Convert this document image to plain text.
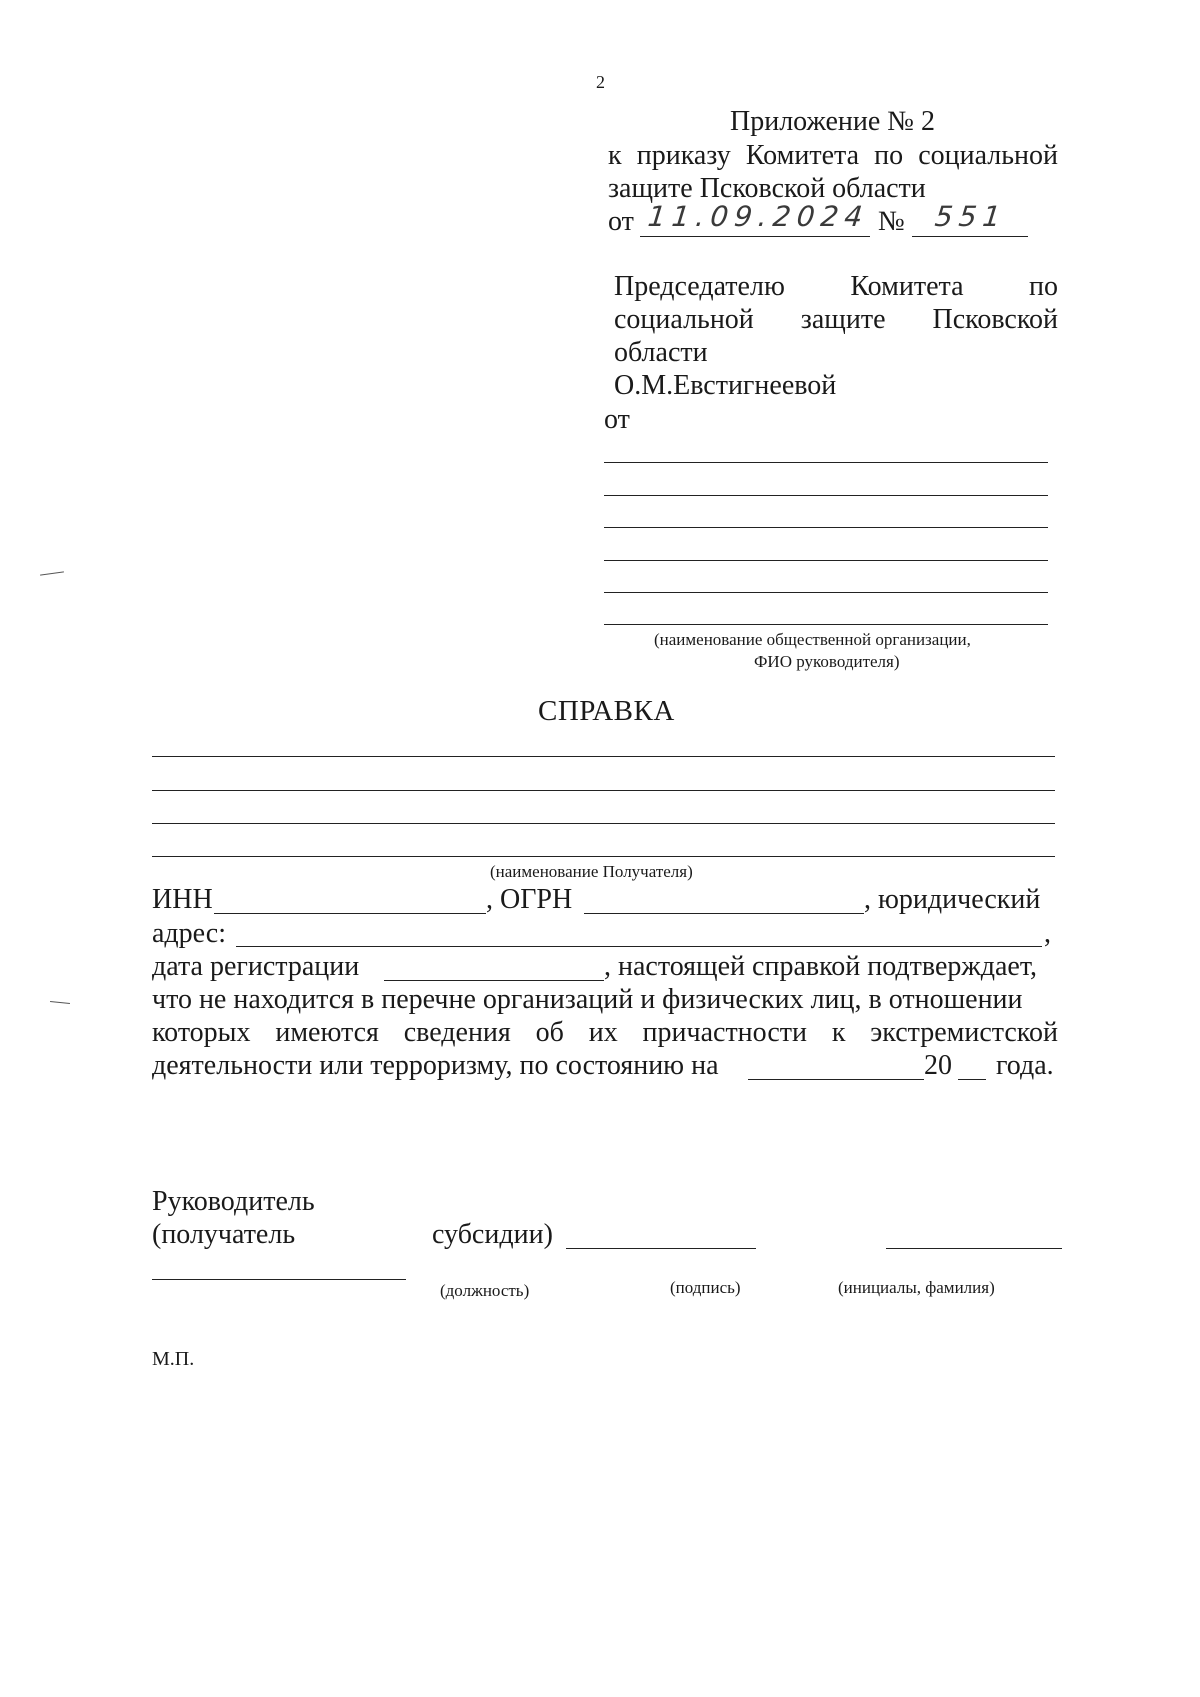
2
Приложение № 2
к приказу Комитета по социальной
защите Псковской области
от 11.09.2024 № 551
Председателю Комитета по
социальной защите Псковской
области
О.М.Евстигнеевой
от
(наименование общественной организации,
ФИО руководителя)
СПРАВКА
(наименование Получателя)
ИНН	, ОГРН	, юридический
адрес:	,
дата регистрации	, настоящей справкой подтверждает,
что не находится в перечне организаций и физических лиц, в отношении
которых имеются сведения об их причастности к экстремистской
деятельности или терроризму, по состоянию на	20 года.
Руководитель
(получатель	субсидии)
(должность)	(подпись)	(инициалы, фамилия)
М.П.
